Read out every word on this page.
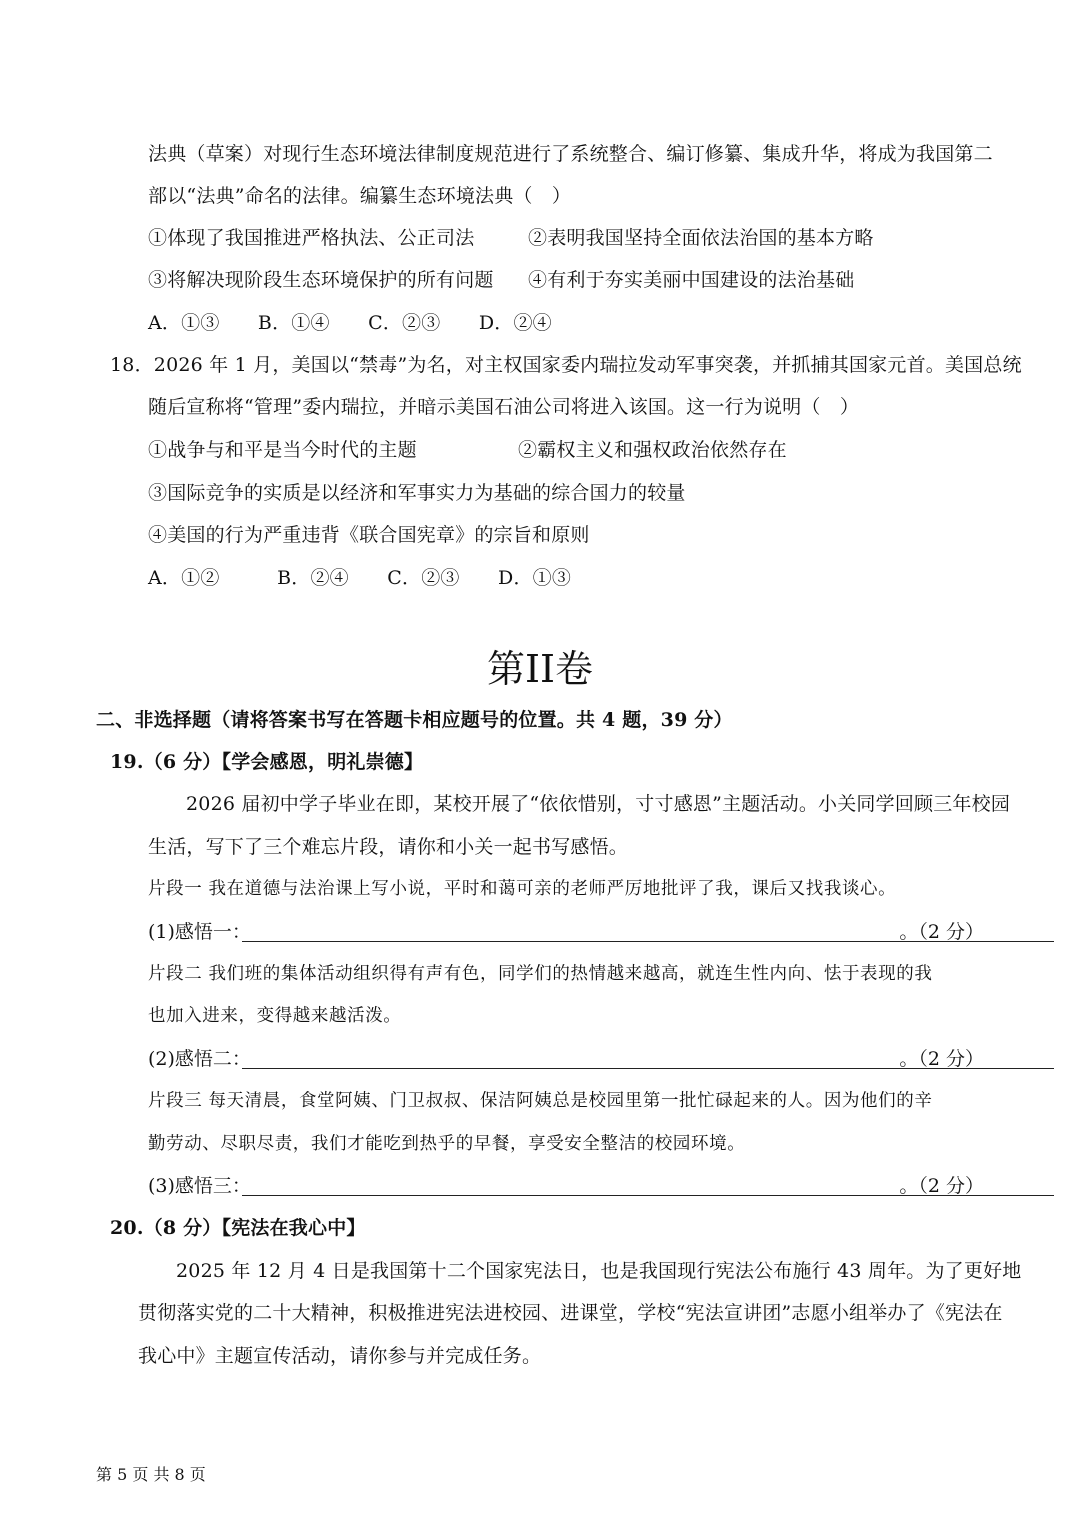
法典（草案）对现行生态环境法律制度规范进行了系统整合、编订修纂、集成升华，将成为我国第二
部以“法典”命名的法律。编纂生态环境法典（　）
①体现了我国推进严格执法、公正司法	②表明我国坚持全面依法治国的基本方略
③将解决现阶段生态环境保护的所有问题 ④有利于夯实美丽中国建设的法治基础
A．①③　　B．①④　　C．②③　　D．②④
18．2026 年 1 月，美国以“禁毒”为名，对主权国家委内瑞拉发动军事突袭，并抓捕其国家元首。美国总统
随后宣称将“管理”委内瑞拉，并暗示美国石油公司将进入该国。这一行为说明（　）
①战争与和平是当今时代的主题	②霸权主义和强权政治依然存在
③国际竞争的实质是以经济和军事实力为基础的综合国力的较量
④美国的行为严重违背《联合国宪章》的宗旨和原则
A．①②　　　B．②④　　C．②③　　D．①③
第II卷
二、非选择题（请将答案书写在答题卡相应题号的位置。共 4 题，39 分）
19.（6 分）【学会感恩，明礼崇德】
2026 届初中学子毕业在即，某校开展了“依依惜别，寸寸感恩”主题活动。小关同学回顾三年校园
生活，写下了三个难忘片段，请你和小关一起书写感悟。
片段一 我在道德与法治课上写小说，平时和蔼可亲的老师严厉地批评了我，课后又找我谈心。
(1)感悟一：	。（2 分）
片段二 我们班的集体活动组织得有声有色，同学们的热情越来越高，就连生性内向、怯于表现的我
也加入进来，变得越来越活泼。
(2)感悟二：	。（2 分）
片段三 每天清晨，食堂阿姨、门卫叔叔、保洁阿姨总是校园里第一批忙碌起来的人。因为他们的辛
勤劳动、尽职尽责，我们才能吃到热乎的早餐，享受安全整洁的校园环境。
(3)感悟三：	。（2 分）
20.（8 分）【宪法在我心中】
2025 年 12 月 4 日是我国第十二个国家宪法日，也是我国现行宪法公布施行 43 周年。为了更好地
贯彻落实党的二十大精神，积极推进宪法进校园、进课堂，学校“宪法宣讲团”志愿小组举办了《宪法在
我心中》主题宣传活动，请你参与并完成任务。
第 5 页 共 8 页
